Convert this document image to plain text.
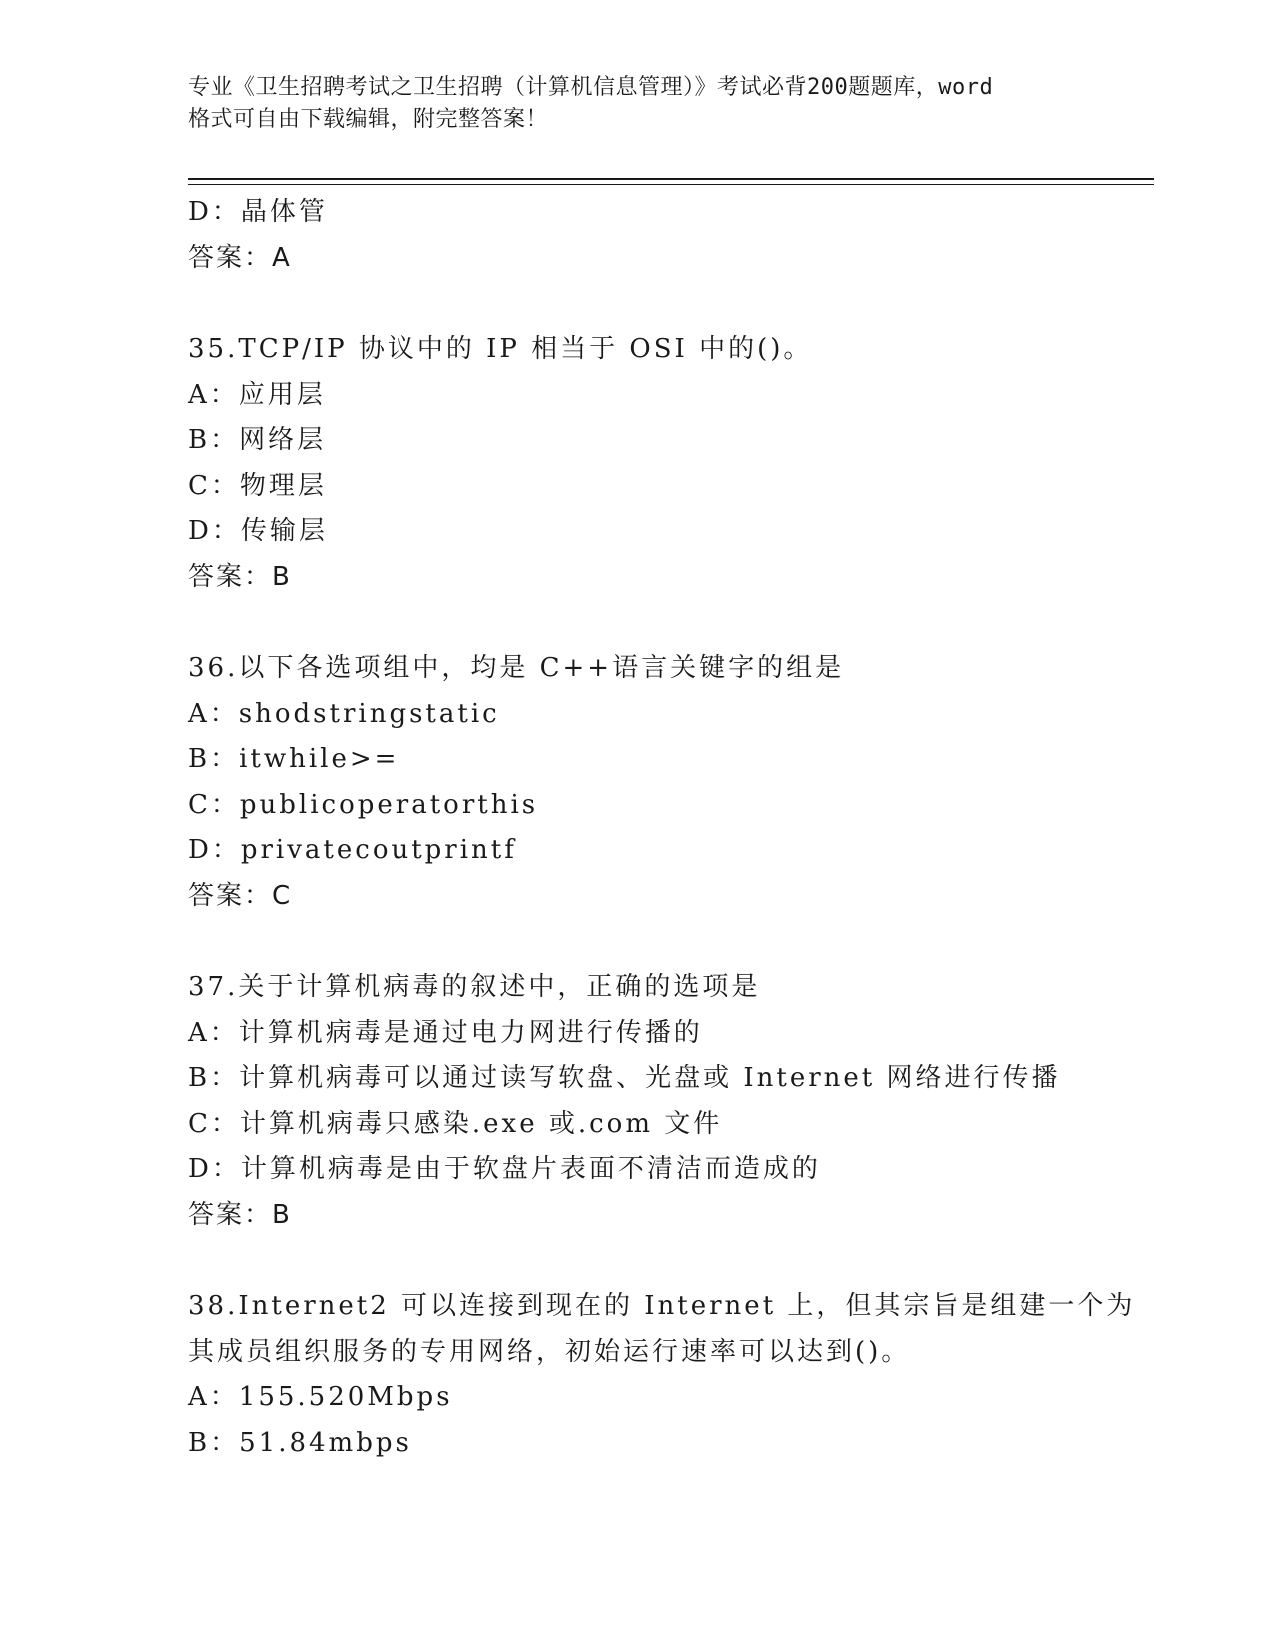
专业《卫生招聘考试之卫生招聘（计算机信息管理）》考试必背200题题库，word
格式可自由下载编辑，附完整答案！
D：晶体管
答案：A
35.TCP/IP 协议中的 IP 相当于 OSI 中的()。
A：应用层
B：网络层
C：物理层
D：传输层
答案：B
36.以下各选项组中，均是 C++语言关键字的组是
A：shodstringstatic
B：itwhile>=
C：publicoperatorthis
D：privatecoutprintf
答案：C
37.关于计算机病毒的叙述中，正确的选项是
A：计算机病毒是通过电力网进行传播的
B：计算机病毒可以通过读写软盘、光盘或 Internet 网络进行传播
C：计算机病毒只感染.exe 或.com 文件
D：计算机病毒是由于软盘片表面不清洁而造成的
答案：B
38.Internet2 可以连接到现在的 Internet 上，但其宗旨是组建一个为
其成员组织服务的专用网络，初始运行速率可以达到()。
A：155.520Mbps
B：51.84mbps
